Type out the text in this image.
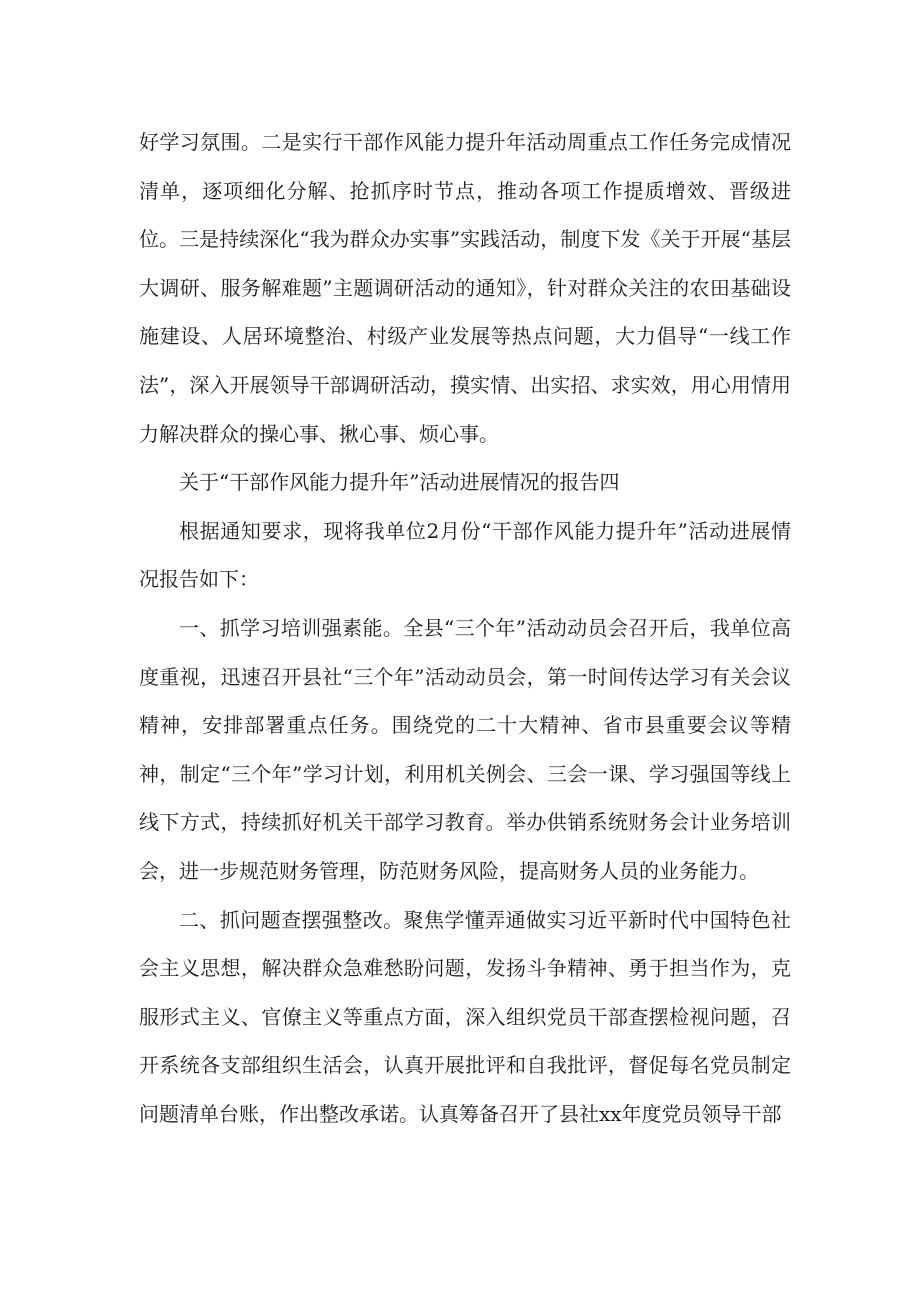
好学习氛围。二是实行干部作风能力提升年活动周重点工作任务完成情况清单，逐项细化分解、抢抓序时节点，推动各项工作提质增效、晋级进位。三是持续深化“我为群众办实事”实践活动，制度下发《关于开展“基层大调研、服务解难题”主题调研活动的通知》，针对群众关注的农田基础设施建设、人居环境整治、村级产业发展等热点问题，大力倡导“一线工作法”，深入开展领导干部调研活动，摸实情、出实招、求实效，用心用情用力解决群众的操心事、揪心事、烦心事。

关于“干部作风能力提升年”活动进展情况的报告四

根据通知要求，现将我单位2月份“干部作风能力提升年”活动进展情况报告如下：

一、抓学习培训强素能。全县“三个年”活动动员会召开后，我单位高度重视，迅速召开县社“三个年”活动动员会，第一时间传达学习有关会议精神，安排部署重点任务。围绕党的二十大精神、省市县重要会议等精神，制定“三个年”学习计划，利用机关例会、三会一课、学习强国等线上线下方式，持续抓好机关干部学习教育。举办供销系统财务会计业务培训会，进一步规范财务管理，防范财务风险，提高财务人员的业务能力。

二、抓问题查摆强整改。聚焦学懂弄通做实习近平新时代中国特色社会主义思想，解决群众急难愁盼问题，发扬斗争精神、勇于担当作为，克服形式主义、官僚主义等重点方面，深入组织党员干部查摆检视问题，召开系统各支部组织生活会，认真开展批评和自我批评，督促每名党员制定问题清单台账，作出整改承诺。认真筹备召开了县社xx年度党员领导干部
